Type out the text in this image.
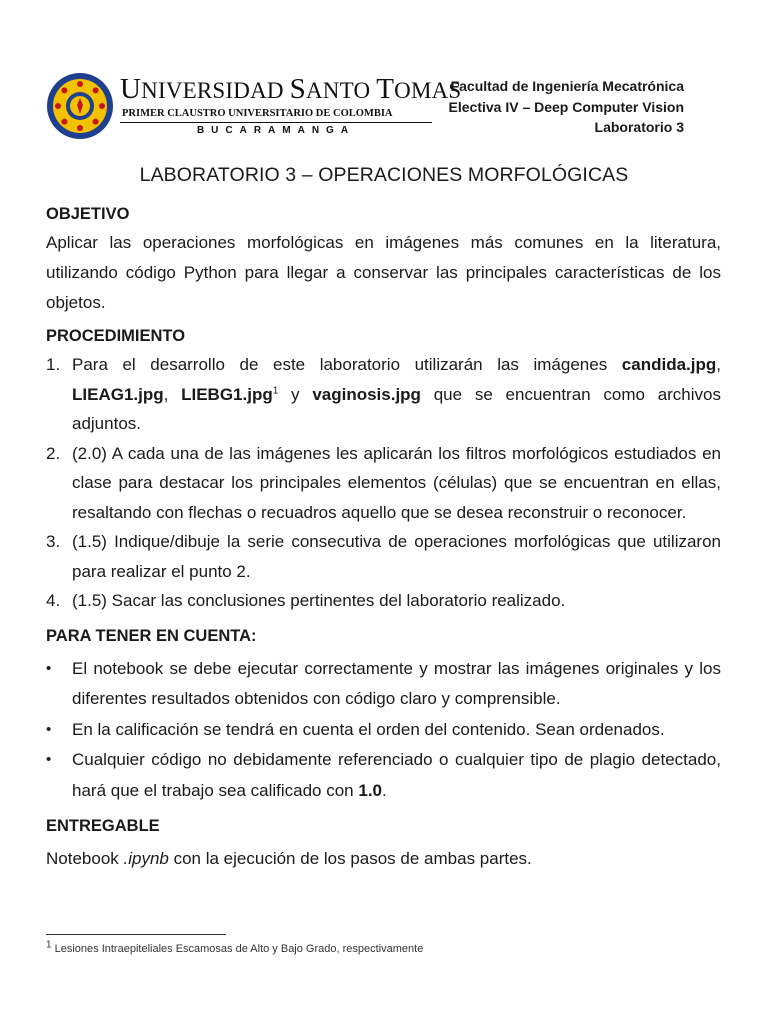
UNIVERSIDAD SANTO TOMAS
PRIMER CLAUSTRO UNIVERSITARIO DE COLOMBIA
BUCARAMANGA
Facultad de Ingeniería Mecatrónica
Electiva IV – Deep Computer Vision
Laboratorio 3
LABORATORIO 3 – OPERACIONES MORFOLÓGICAS
OBJETIVO
Aplicar las operaciones morfológicas en imágenes más comunes en la literatura, utilizando código Python para llegar a conservar las principales características de los objetos.
PROCEDIMIENTO
1. Para el desarrollo de este laboratorio utilizarán las imágenes candida.jpg, LIEAG1.jpg, LIEBG1.jpg$^1$ y vaginosis.jpg que se encuentran como archivos adjuntos.
2. (2.0) A cada una de las imágenes les aplicarán los filtros morfológicos estudiados en clase para destacar los principales elementos (células) que se encuentran en ellas, resaltando con flechas o recuadros aquello que se desea reconstruir o reconocer.
3. (1.5) Indique/dibuje la serie consecutiva de operaciones morfológicas que utilizaron para realizar el punto 2.
4. (1.5) Sacar las conclusiones pertinentes del laboratorio realizado.
PARA TENER EN CUENTA:
• El notebook se debe ejecutar correctamente y mostrar las imágenes originales y los diferentes resultados obtenidos con código claro y comprensible.
• En la calificación se tendrá en cuenta el orden del contenido. Sean ordenados.
• Cualquier código no debidamente referenciado o cualquier tipo de plagio detectado, hará que el trabajo sea calificado con 1.0.
ENTREGABLE
Notebook .ipynb con la ejecución de los pasos de ambas partes.
$^1$ Lesiones Intraepiteliales Escamosas de Alto y Bajo Grado, respectivamente
